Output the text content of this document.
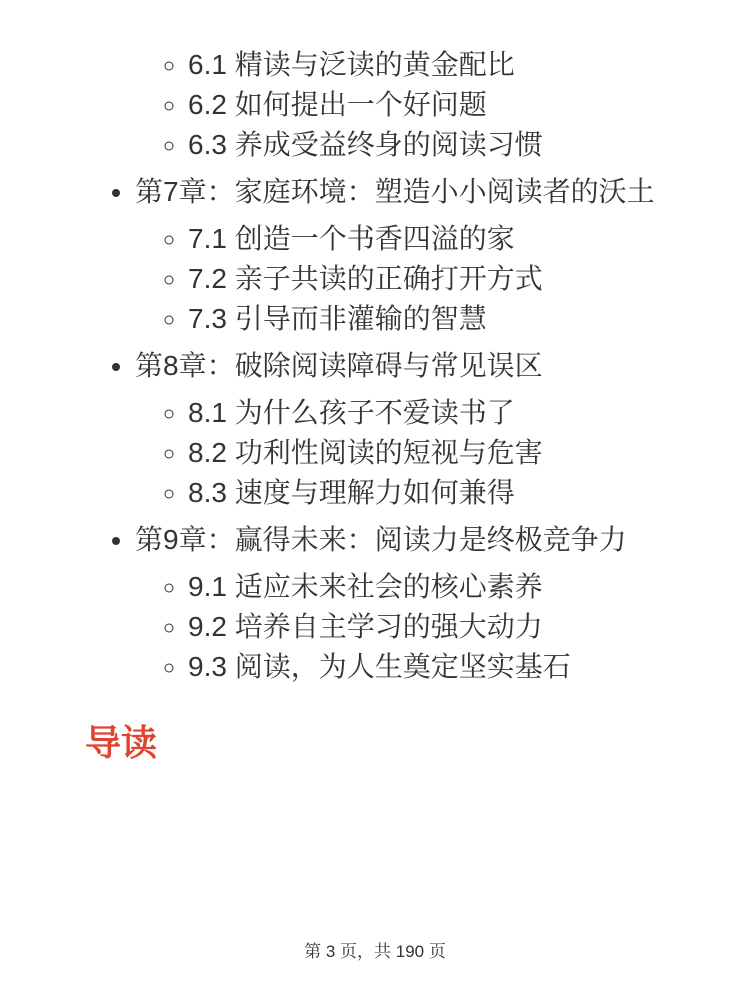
◦ 6.1 精读与泛读的黄金配比
◦ 6.2 如何提出一个好问题
◦ 6.3 养成受益终身的阅读习惯
• 第7章：家庭环境：塑造小小阅读者的沃土
◦ 7.1 创造一个书香四溢的家
◦ 7.2 亲子共读的正确打开方式
◦ 7.3 引导而非灌输的智慧
• 第8章：破除阅读障碍与常见误区
◦ 8.1 为什么孩子不爱读书了
◦ 8.2 功利性阅读的短视与危害
◦ 8.3 速度与理解力如何兼得
• 第9章：赢得未来：阅读力是终极竞争力
◦ 9.1 适应未来社会的核心素养
◦ 9.2 培养自主学习的强大动力
◦ 9.3 阅读，为人生奠定坚实基石
导读
第 3 页，共 190 页
